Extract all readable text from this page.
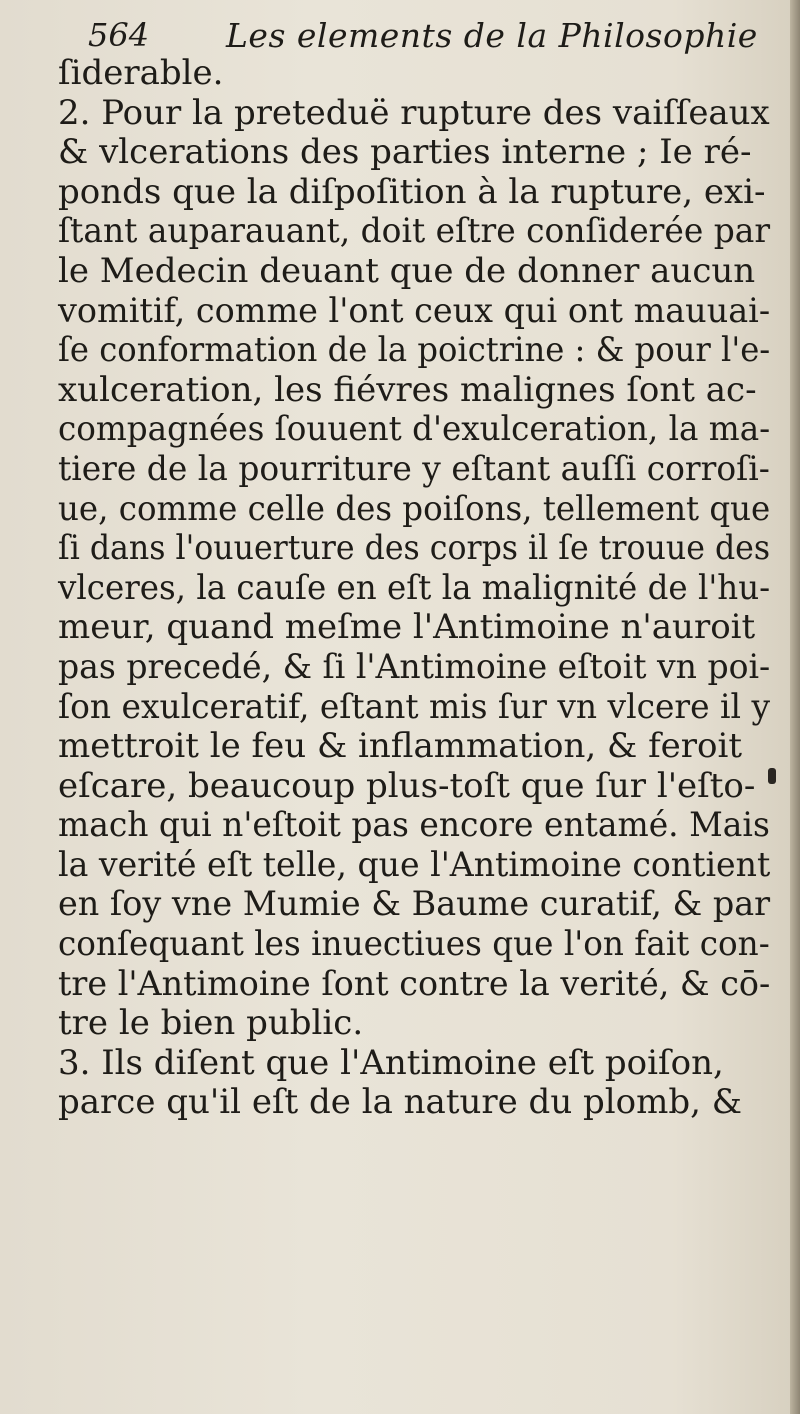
564 Les elements de la Philosophie
ſiderable.
2. Pour la preteduë rupture des vaiſſeaux
& vlcerations des parties interne ; Ie ré-
ponds que la diſpoſition à la rupture, exi-
ſtant auparauant, doit eſtre conſiderée par
le Medecin deuant que de donner aucun
vomitif, comme l'ont ceux qui ont mauuai-
ſe conformation de la poictrine : & pour l'e-
xulceration, les fiévres malignes ſont ac-
compagnées ſouuent d'exulceration, la ma-
tiere de la pourriture y eſtant auſſi corroſi-
ue, comme celle des poiſons, tellement que
ſi dans l'ouuerture des corps il ſe trouue des
vlceres, la cauſe en eſt la malignité de l'hu-
meur, quand meſme l'Antimoine n'auroit
pas precedé, & ſi l'Antimoine eſtoit vn poi-
ſon exulceratif, eſtant mis ſur vn vlcere il y
mettroit le feu & inflammation, & feroit
eſcare, beaucoup plus-toſt que ſur l'eſto-
mach qui n'eſtoit pas encore entamé. Mais
la verité eſt telle, que l'Antimoine contient
en ſoy vne Mumie & Baume curatif, & par
conſequant les inuectiues que l'on fait con-
tre l'Antimoine ſont contre la verité, & cō-
tre le bien public.
3. Ils diſent que l'Antimoine eſt poiſon,
parce qu'il eſt de la nature du plomb, &
